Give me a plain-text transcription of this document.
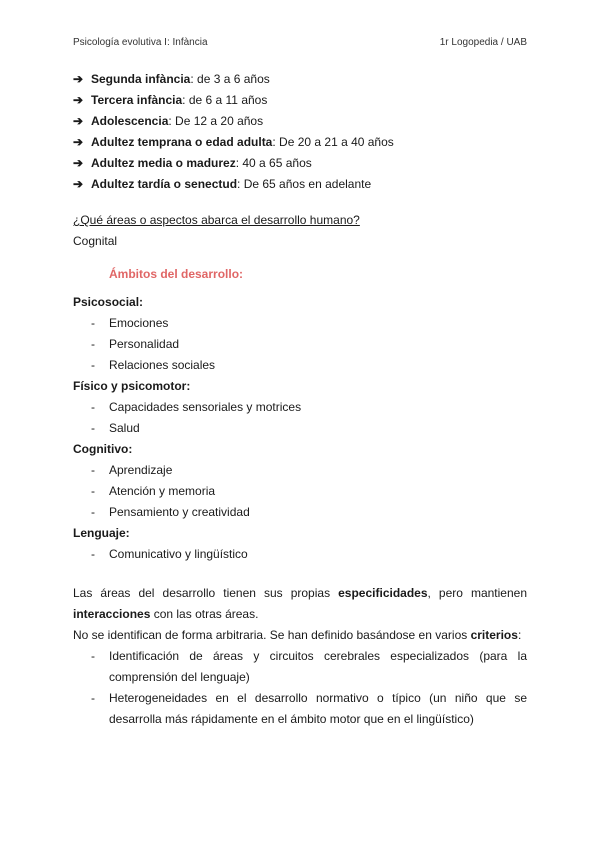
Psicología evolutiva I: Infància	1r Logopedia / UAB
➔ Segunda infància: de 3 a 6 años
➔ Tercera infància: de 6 a 11 años
➔ Adolescencia: De 12 a 20 años
➔ Adultez temprana o edad adulta: De 20 a 21 a 40 años
➔ Adultez media o madurez: 40 a 65 años
➔ Adultez tardía o senectud: De 65 años en adelante
¿Qué áreas o aspectos abarca el desarrollo humano?
Cognital
Ámbitos del desarrollo:
Psicosocial:
- Emociones
- Personalidad
- Relaciones sociales
Físico y psicomotor:
- Capacidades sensoriales y motrices
- Salud
Cognitivo:
- Aprendizaje
- Atención y memoria
- Pensamiento y creatividad
Lenguaje:
- Comunicativo y lingüístico
Las áreas del desarrollo tienen sus propias especificidades, pero mantienen interacciones con las otras áreas.
No se identifican de forma arbitraria. Se han definido basándose en varios criterios:
- Identificación de áreas y circuitos cerebrales especializados (para la comprensión del lenguaje)
- Heterogeneidades en el desarrollo normativo o típico (un niño que se desarrolla más rápidamente en el ámbito motor que en el lingüístico)
